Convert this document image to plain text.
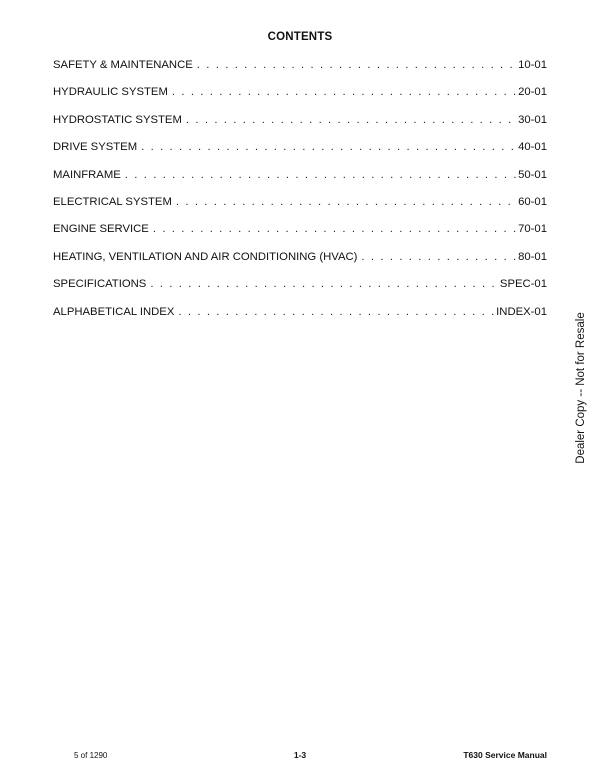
CONTENTS
SAFETY & MAINTENANCE . . .	10-01
HYDRAULIC SYSTEM . . .	20-01
HYDROSTATIC SYSTEM . . .	30-01
DRIVE SYSTEM . . .	40-01
MAINFRAME . . .	50-01
ELECTRICAL SYSTEM . . .	60-01
ENGINE SERVICE . . .	70-01
HEATING, VENTILATION AND AIR CONDITIONING (HVAC) . . .	80-01
SPECIFICATIONS . . .	SPEC-01
ALPHABETICAL INDEX . . .	INDEX-01
Dealer Copy -- Not for Resale
5 of 1290	1-3	T630 Service Manual
